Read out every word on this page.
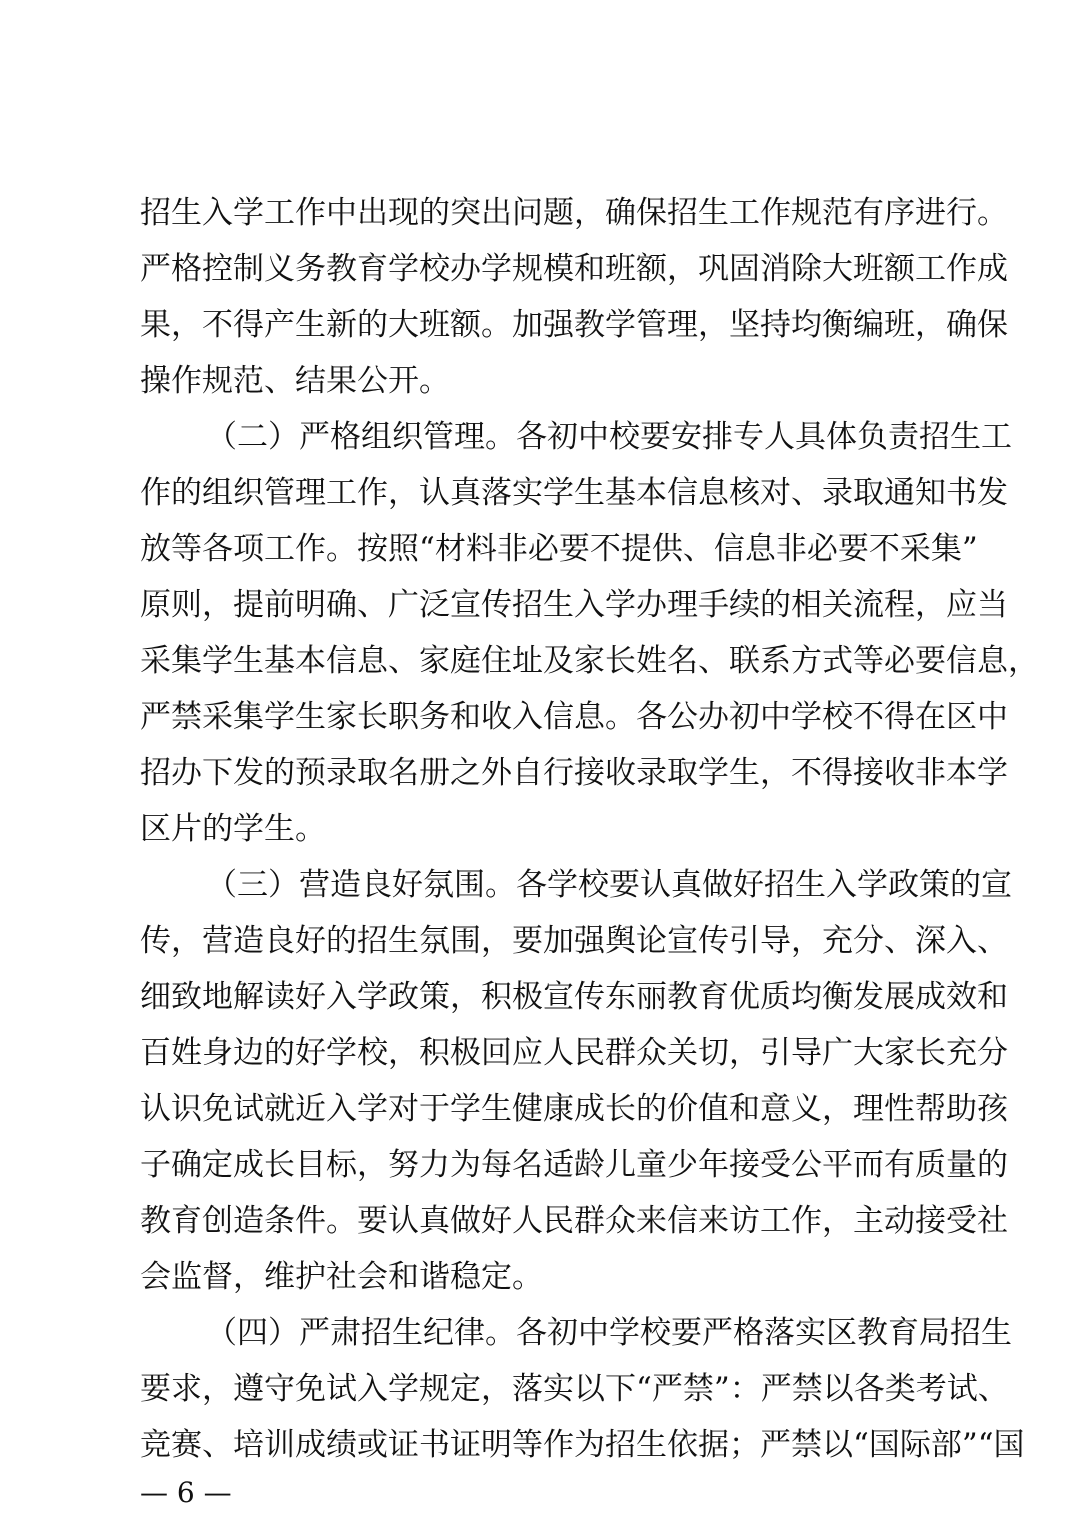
招生入学工作中出现的突出问题，确保招生工作规范有序进行。
严格控制义务教育学校办学规模和班额，巩固消除大班额工作成
果，不得产生新的大班额。加强教学管理，坚持均衡编班，确保
操作规范、结果公开。
（二）严格组织管理。各初中校要安排专人具体负责招生工
作的组织管理工作，认真落实学生基本信息核对、录取通知书发
放等各项工作。按照“材料非必要不提供、信息非必要不采集”
原则，提前明确、广泛宣传招生入学办理手续的相关流程，应当
采集学生基本信息、家庭住址及家长姓名、联系方式等必要信息，
严禁采集学生家长职务和收入信息。各公办初中学校不得在区中
招办下发的预录取名册之外自行接收录取学生，不得接收非本学
区片的学生。
（三）营造良好氛围。各学校要认真做好招生入学政策的宣
传，营造良好的招生氛围，要加强舆论宣传引导，充分、深入、
细致地解读好入学政策，积极宣传东丽教育优质均衡发展成效和
百姓身边的好学校，积极回应人民群众关切，引导广大家长充分
认识免试就近入学对于学生健康成长的价值和意义，理性帮助孩
子确定成长目标，努力为每名适龄儿童少年接受公平而有质量的
教育创造条件。要认真做好人民群众来信来访工作，主动接受社
会监督，维护社会和谐稳定。
（四）严肃招生纪律。各初中学校要严格落实区教育局招生
— 6 —
要求，遵守免试入学规定，落实以下“严禁”：严禁以各类考试、
竞赛、培训成绩或证书证明等作为招生依据；严禁以“国际部”“国
